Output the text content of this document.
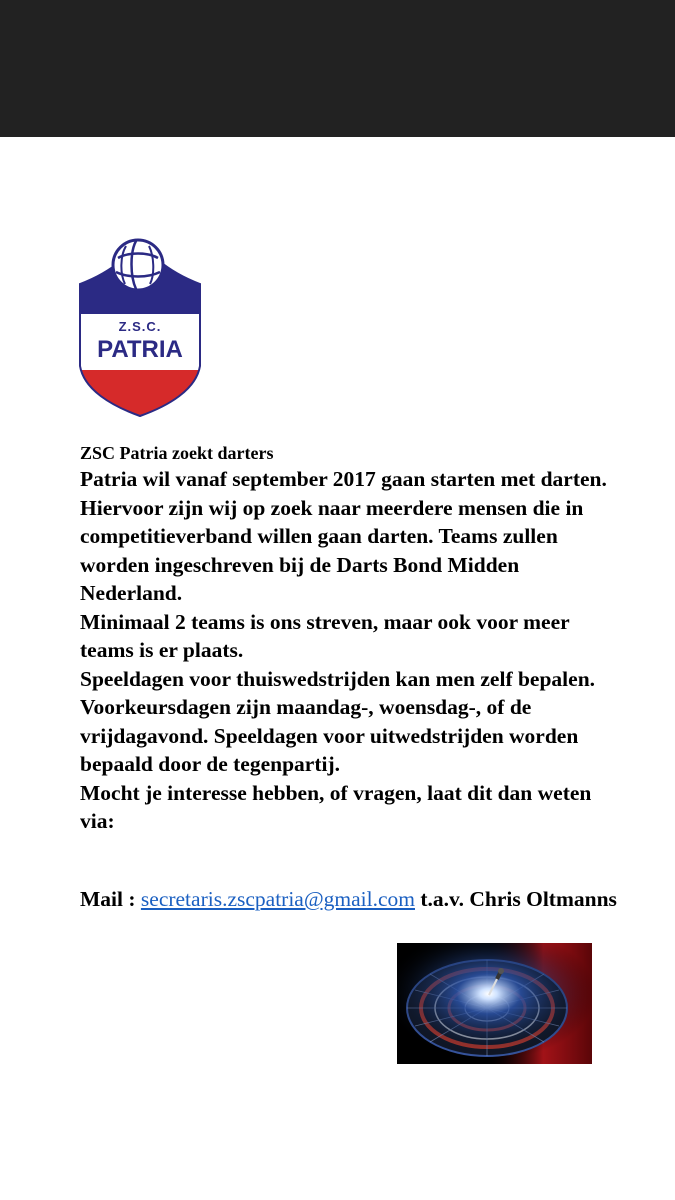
Z.S.C.
PATRIA
ZSC Patria zoekt darters

Patria wil vanaf september 2017 gaan starten met darten. Hiervoor zijn wij op zoek naar meerdere mensen die in competitieverband willen gaan darten. Teams zullen worden ingeschreven bij de Darts Bond Midden Nederland.

Minimaal 2 teams is ons streven, maar ook voor meer teams is er plaats.

Speeldagen voor thuiswedstrijden kan men zelf bepalen. Voorkeursdagen zijn maandag-, woensdag-, of de vrijdagavond. Speeldagen voor uitwedstrijden worden bepaald door de tegenpartij.

Mocht je interesse hebben, of vragen, laat dit dan weten via:

Mail : secretaris.zscpatria@gmail.com t.a.v. Chris Oltmanns
